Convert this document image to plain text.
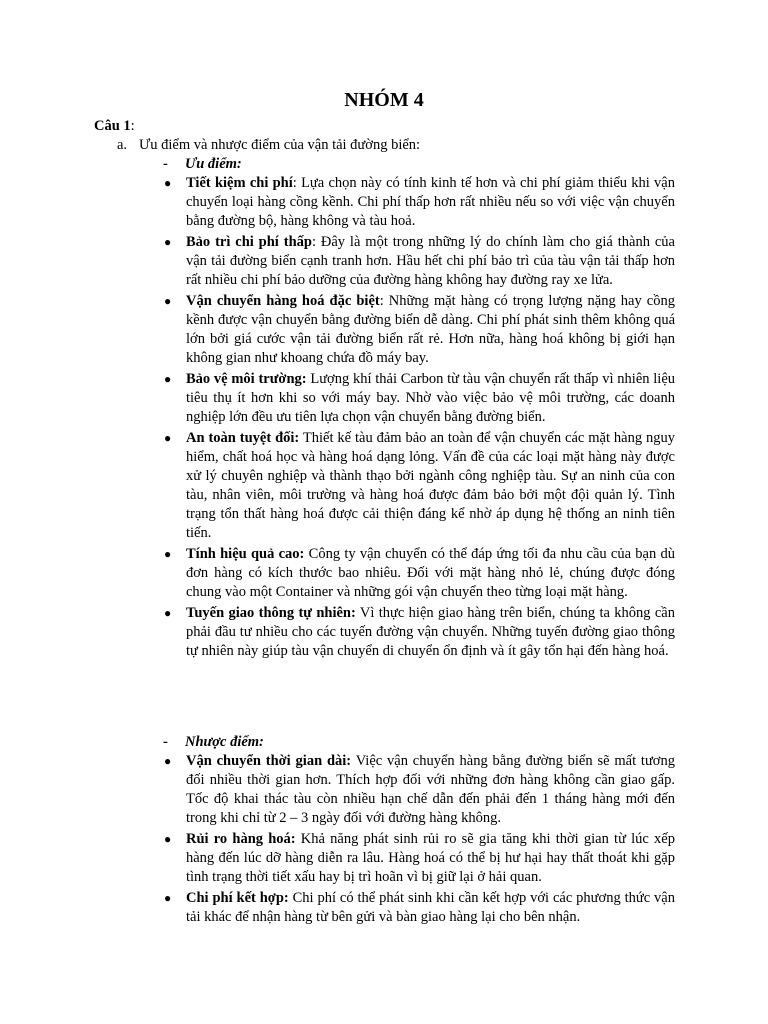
NHÓM 4
Câu 1:
a. Ưu điểm và nhược điểm của vận tải đường biển:
- Ưu điểm:
● Tiết kiệm chi phí: Lựa chọn này có tính kinh tế hơn và chi phí giảm thiểu khi vận chuyển loại hàng cồng kềnh. Chi phí thấp hơn rất nhiều nếu so với việc vận chuyển bằng đường bộ, hàng không và tàu hoả.
● Bảo trì chi phí thấp: Đây là một trong những lý do chính làm cho giá thành của vận tải đường biển cạnh tranh hơn. Hầu hết chi phí bảo trì của tàu vận tải thấp hơn rất nhiều chi phí bảo dưỡng của đường hàng không hay đường ray xe lửa.
● Vận chuyển hàng hoá đặc biệt: Những mặt hàng có trọng lượng nặng hay cồng kềnh được vận chuyển bằng đường biển dễ dàng. Chi phí phát sinh thêm không quá lớn bởi giá cước vận tải đường biển rất rẻ. Hơn nữa, hàng hoá không bị giới hạn không gian như khoang chứa đồ máy bay.
● Bảo vệ môi trường: Lượng khí thải Carbon từ tàu vận chuyển rất thấp vì nhiên liệu tiêu thụ ít hơn khi so với máy bay. Nhờ vào việc bảo vệ môi trường, các doanh nghiệp lớn đều ưu tiên lựa chọn vận chuyển bằng đường biển.
● An toàn tuyệt đối: Thiết kế tàu đảm bảo an toàn để vận chuyển các mặt hàng nguy hiểm, chất hoá học và hàng hoá dạng lỏng. Vấn đề của các loại mặt hàng này được xử lý chuyên nghiệp và thành thạo bởi ngành công nghiệp tàu. Sự an ninh của con tàu, nhân viên, môi trường và hàng hoá được đảm bảo bởi một đội quản lý. Tình trạng tổn thất hàng hoá được cải thiện đáng kể nhờ áp dụng hệ thống an ninh tiên tiến.
● Tính hiệu quả cao: Công ty vận chuyển có thể đáp ứng tối đa nhu cầu của bạn dù đơn hàng có kích thước bao nhiêu. Đối với mặt hàng nhỏ lẻ, chúng được đóng chung vào một Container và những gói vận chuyển theo từng loại mặt hàng.
● Tuyến giao thông tự nhiên: Vì thực hiện giao hàng trên biển, chúng ta không cần phải đầu tư nhiều cho các tuyến đường vận chuyển. Những tuyến đường giao thông tự nhiên này giúp tàu vận chuyển di chuyển ổn định và ít gây tổn hại đến hàng hoá.
- Nhược điểm:
● Vận chuyển thời gian dài: Việc vận chuyển hàng bằng đường biển sẽ mất tương đối nhiều thời gian hơn. Thích hợp đối với những đơn hàng không cần giao gấp. Tốc độ khai thác tàu còn nhiều hạn chế dẫn đến phải đến 1 tháng hàng mới đến trong khi chỉ từ 2 – 3 ngày đối với đường hàng không.
● Rủi ro hàng hoá: Khả năng phát sinh rủi ro sẽ gia tăng khi thời gian từ lúc xếp hàng đến lúc dỡ hàng diễn ra lâu. Hàng hoá có thể bị hư hại hay thất thoát khi gặp tình trạng thời tiết xấu hay bị trì hoãn vì bị giữ lại ở hải quan.
● Chi phí kết hợp: Chi phí có thể phát sinh khi cần kết hợp với các phương thức vận tải khác để nhận hàng từ bên gửi và bàn giao hàng lại cho bên nhận.
